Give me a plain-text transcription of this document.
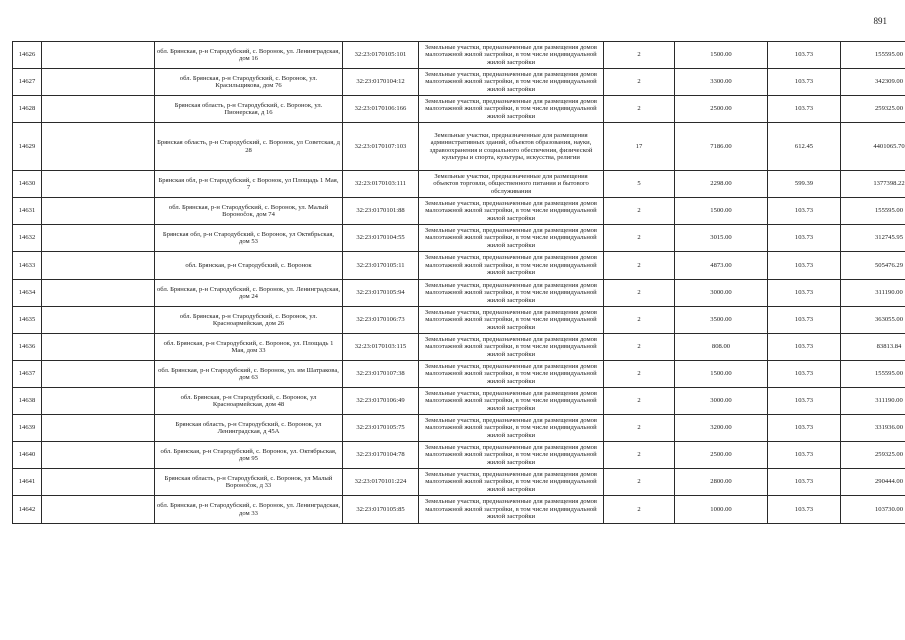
891
14626		обл. Брянская, р-н Стародубский, с. Воронок, ул. Ленинградская, дом 16	32:23:0170105:101	Земельные участки, предназначенные для размещения домов малоэтажной жилой застройки, в том числе индивидуальной жилой застройки	2	1500.00	103.73	155595.00
14627		обл. Брянская, р-н Стародубский, с. Воронок, ул. Красильщикова, дом 76	32:23:0170104:12	Земельные участки, предназначенные для размещения домов малоэтажной жилой застройки, в том числе индивидуальной жилой застройки	2	3300.00	103.73	342309.00
14628		Брянская область, р-н Стародубский, с. Воронок, ул. Пионерская, д 16	32:23:0170106:166	Земельные участки, предназначенные для размещения домов малоэтажной жилой застройки, в том числе индивидуальной жилой застройки	2	2500.00	103.73	259325.00
14629		Брянская область, р-н Стародубский, с. Воронок, ул Советская, д 28	32:23:0170107:103	Земельные участки, предназначенные для размещения административных зданий, объектов образования, науки, здравоохранения и социального обеспечения, физической культуры и спорта, культуры, искусства, религии	17	7186.00	612.45	4401065.70
14630		Брянская обл, р-н Стародубский, с Воронок, ул Площадь 1 Мая, 7	32:23:0170103:111	Земельные участки, предназначенные для размещения объектов торговли, общественного питания и бытового обслуживания	5	2298.00	599.39	1377398.22
14631		обл. Брянская, р-н Стародубский, с. Воронок, ул. Малый Воронočок, дом 74	32:23:0170101:88	Земельные участки, предназначенные для размещения домов малоэтажной жилой застройки, в том числе индивидуальной жилой застройки	2	1500.00	103.73	155595.00
14632		Брянская обл, р-н Стародубский, с Воронок, ул Октябрьская, дом 53	32:23:0170104:55	Земельные участки, предназначенные для размещения домов малоэтажной жилой застройки, в том числе индивидуальной жилой застройки	2	3015.00	103.73	312745.95
14633		обл. Брянская, р-н Стародубский, с. Воронок	32:23:0170105:11	Земельные участки, предназначенные для размещения домов малоэтажной жилой застройки, в том числе индивидуальной жилой застройки	2	4873.00	103.73	505476.29
14634		обл. Брянская, р-н Стародубский, с. Воронок, ул. Ленинградская, дом 24	32:23:0170105:94	Земельные участки, предназначенные для размещения домов малоэтажной жилой застройки, в том числе индивидуальной жилой застройки	2	3000.00	103.73	311190.00
14635		обл. Брянская, р-н Стародубский, с. Воронок, ул. Красноармейская, дом 26	32:23:0170106:73	Земельные участки, предназначенные для размещения домов малоэтажной жилой застройки, в том числе индивидуальной жилой застройки	2	3500.00	103.73	363055.00
14636		обл. Брянская, р-н Стародубский, с. Воронок, ул. Площадь 1 Мая, дом 33	32:23:0170103:115	Земельные участки, предназначенные для размещения домов малоэтажной жилой застройки, в том числе индивидуальной жилой застройки	2	808.00	103.73	83813.84
14637		обл. Брянская, р-н Стародубский, с. Воронок, ул. им Шатракова, дом 63	32:23:0170107:38	Земельные участки, предназначенные для размещения домов малоэтажной жилой застройки, в том числе индивидуальной жилой застройки	2	1500.00	103.73	155595.00
14638		обл. Брянская, р-н Стародубский, с. Воронок, ул Красноармейская, дом 48	32:23:0170106:49	Земельные участки, предназначенные для размещения домов малоэтажной жилой застройки, в том числе индивидуальной жилой застройки	2	3000.00	103.73	311190.00
14639		Брянская область, р-н Стародубский, с. Воронок, ул Ленинградская, д 45А	32:23:0170105:75	Земельные участки, предназначенные для размещения домов малоэтажной жилой застройки, в том числе индивидуальной жилой застройки	2	3200.00	103.73	331936.00
14640		обл. Брянская, р-н Стародубский, с. Воронок, ул. Октябрьская, дом 95	32:23:0170104:78	Земельные участки, предназначенные для размещения домов малоэтажной жилой застройки, в том числе индивидуальной жилой застройки	2	2500.00	103.73	259325.00
14641		Брянская область, р-н Стародубский, с. Воронок, ул Малый Воронočок, д 33	32:23:0170101:224	Земельные участки, предназначенные для размещения домов малоэтажной жилой застройки, в том числе индивидуальной жилой застройки	2	2800.00	103.73	290444.00
14642		обл. Брянская, р-н Стародубский, с. Воронок, ул. Ленинградская, дом 33	32:23:0170105:85	Земельные участки, предназначенные для размещения домов малоэтажной жилой застройки, в том числе индивидуальной жилой застройки	2	1000.00	103.73	103730.00
